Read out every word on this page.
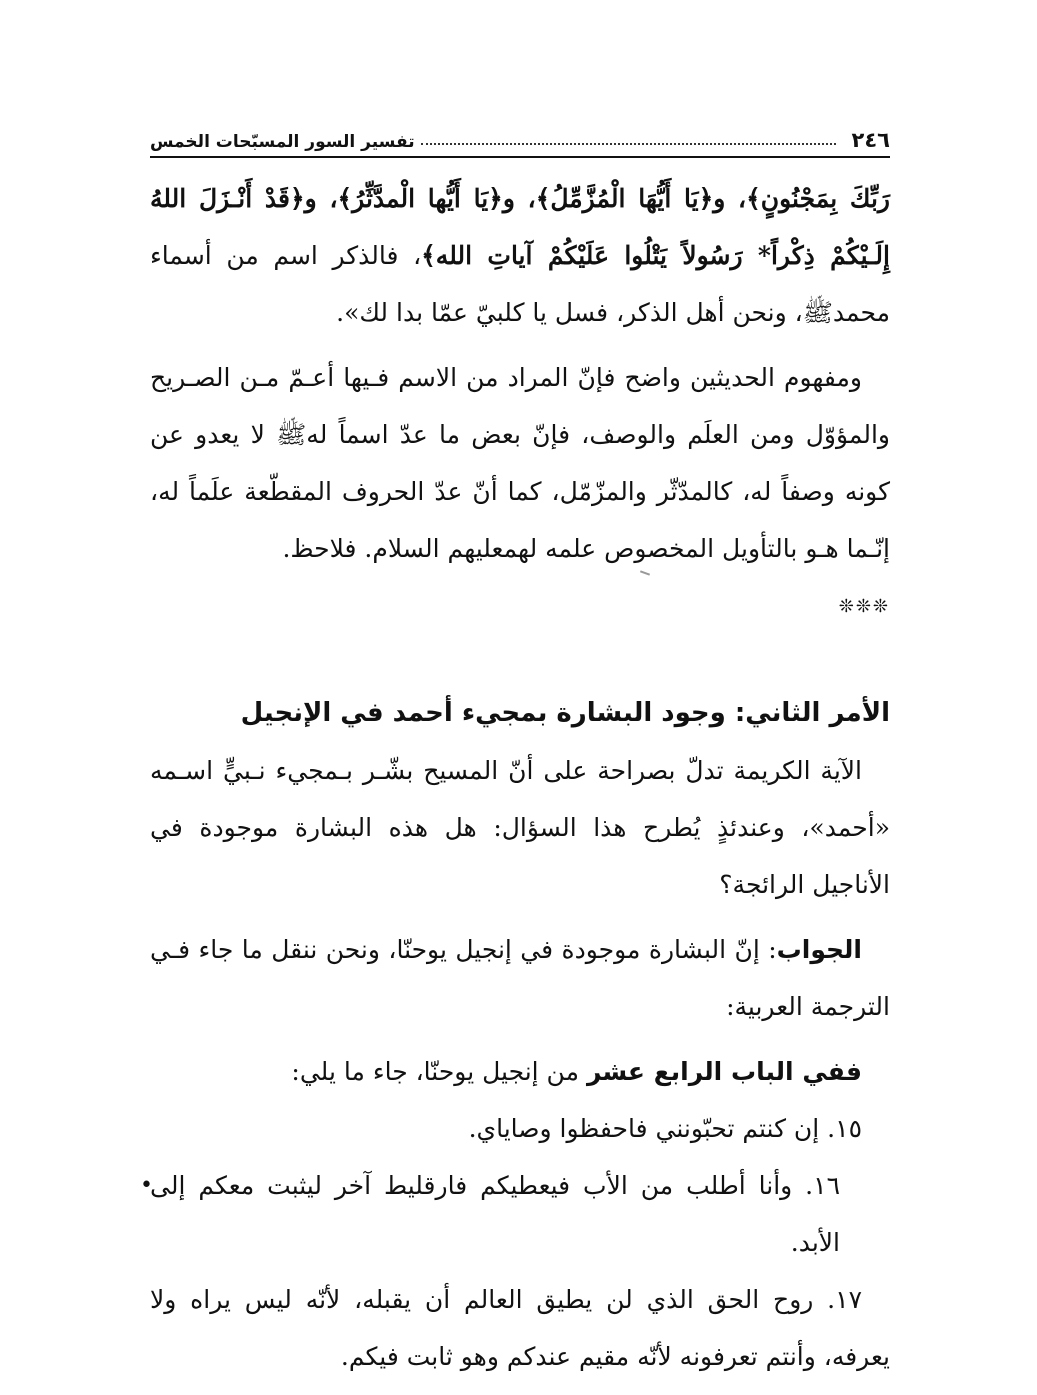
٢٤٦
تفسير السور المسبّحات الخمس

رَبِّكَ بِمَجْنُونٍ﴾، و﴿يَا أَيُّهَا الْمُزَّمِّلُ﴾، و﴿يَا أَيُّها الْمدَّثِّرُ﴾، و﴿قَدْ أَنْـزَلَ اللهُ إِلَـيْكُمْ ذِكْراً* رَسُولاً يَتْلُوا عَلَيْكُمْ آياتِ الله﴾، فالذكر اسم من أسماء محمدﷺ، ونحن أهل الذكر، فسل يا كلبيّ عمّا بدا لك».

ومفهوم الحديثين واضح فإنّ المراد من الاسم فـيها أعـمّ مـن الصـريح والمؤوّل ومن العلَم والوصف، فإنّ بعض ما عدّ اسماً لهﷺ لا يعدو عن كونه وصفاً له، كالمدّثّر والمزّمّل، كما أنّ عدّ الحروف المقطّعة علَماً له، إنّـما هـو بالتأويل المخصوص علمه لهمعليهم السلام. فلاحظ.

❊❊❊
الأمر الثاني: وجود البشارة بمجيء أحمد في الإنجيل

الآية الكريمة تدلّ بصراحة على أنّ المسيح بشّـر بـمجيء نـبيٍّ اسـمه «أحمد»، وعندئذٍ يُطرح هذا السؤال: هل هذه البشارة موجودة في الأناجيل الرائجة؟

الجواب: إنّ البشارة موجودة في إنجيل يوحنّا، ونحن ننقل ما جاء فـي الترجمة العربية:

ففي الباب الرابع عشر من إنجيل يوحنّا، جاء ما يلي:

١٥. إن كنتم تحبّونني فاحفظوا وصاياي.

١٦. وأنا أطلب من الأب فيعطيكم فارقليط آخر ليثبت معكم إلى الأبد.
•

١٧. روح الحق الذي لن يطيق العالم أن يقبله، لأنّه ليس يراه ولا يعرفه، وأنتم تعرفونه لأنّه مقيم عندكم وهو ثابت فيكم.
